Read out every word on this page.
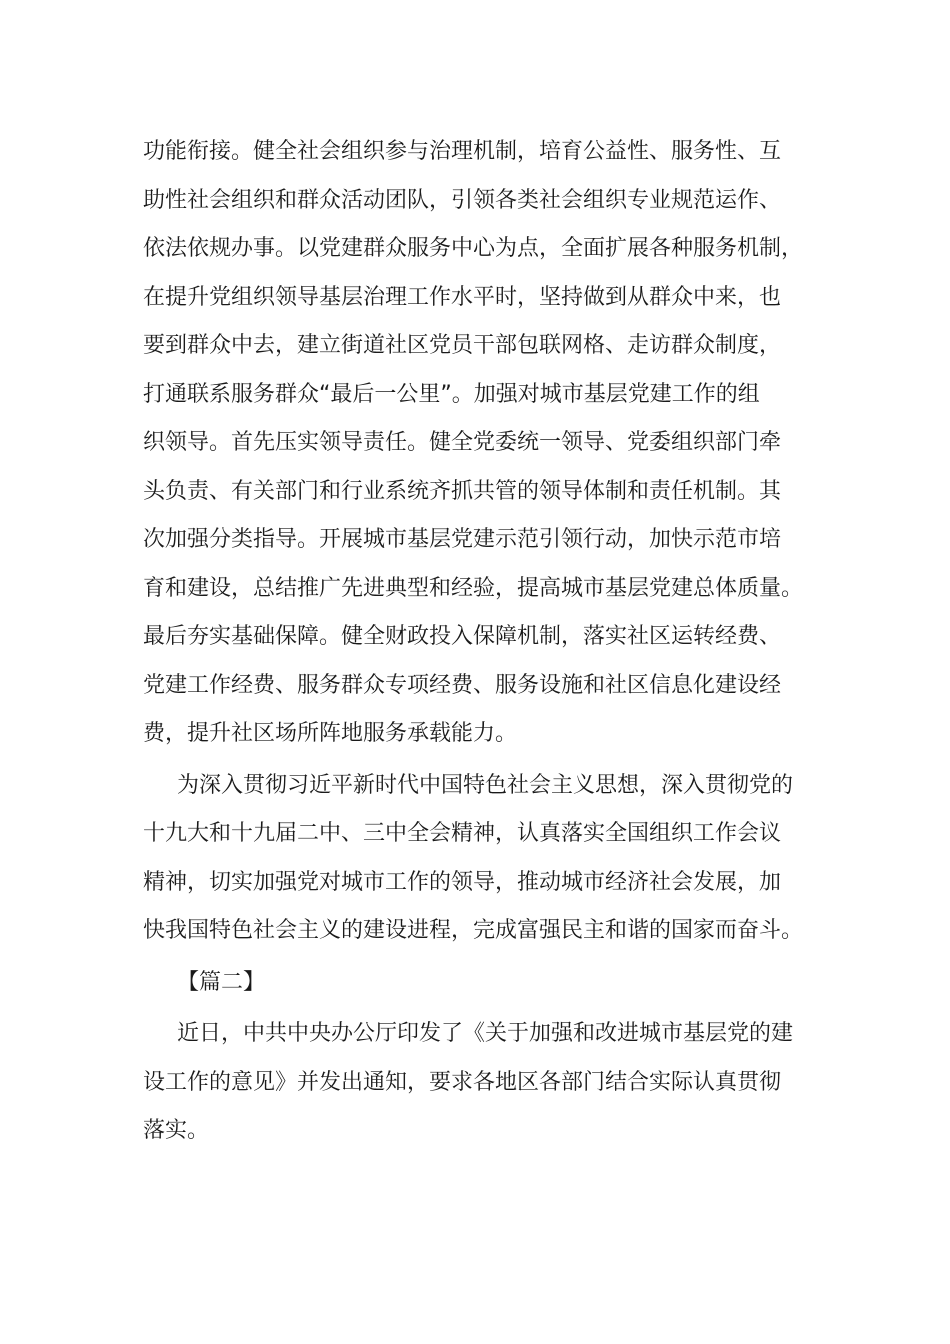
功能衔接。健全社会组织参与治理机制，培育公益性、服务性、互
助性社会组织和群众活动团队，引领各类社会组织专业规范运作、
依法依规办事。以党建群众服务中心为点，全面扩展各种服务机制，
在提升党组织领导基层治理工作水平时，坚持做到从群众中来，也
要到群众中去，建立街道社区党员干部包联网格、走访群众制度，
打通联系服务群众“最后一公里”。加强对城市基层党建工作的组
织领导。首先压实领导责任。健全党委统一领导、党委组织部门牵
头负责、有关部门和行业系统齐抓共管的领导体制和责任机制。其
次加强分类指导。开展城市基层党建示范引领行动，加快示范市培
育和建设，总结推广先进典型和经验，提高城市基层党建总体质量。
最后夯实基础保障。健全财政投入保障机制，落实社区运转经费、
党建工作经费、服务群众专项经费、服务设施和社区信息化建设经
费，提升社区场所阵地服务承载能力。
为深入贯彻习近平新时代中国特色社会主义思想，深入贯彻党的
十九大和十九届二中、三中全会精神，认真落实全国组织工作会议
精神，切实加强党对城市工作的领导，推动城市经济社会发展，加
快我国特色社会主义的建设进程，完成富强民主和谐的国家而奋斗。
【篇二】
近日，中共中央办公厅印发了《关于加强和改进城市基层党的建
设工作的意见》并发出通知，要求各地区各部门结合实际认真贯彻
落实。
